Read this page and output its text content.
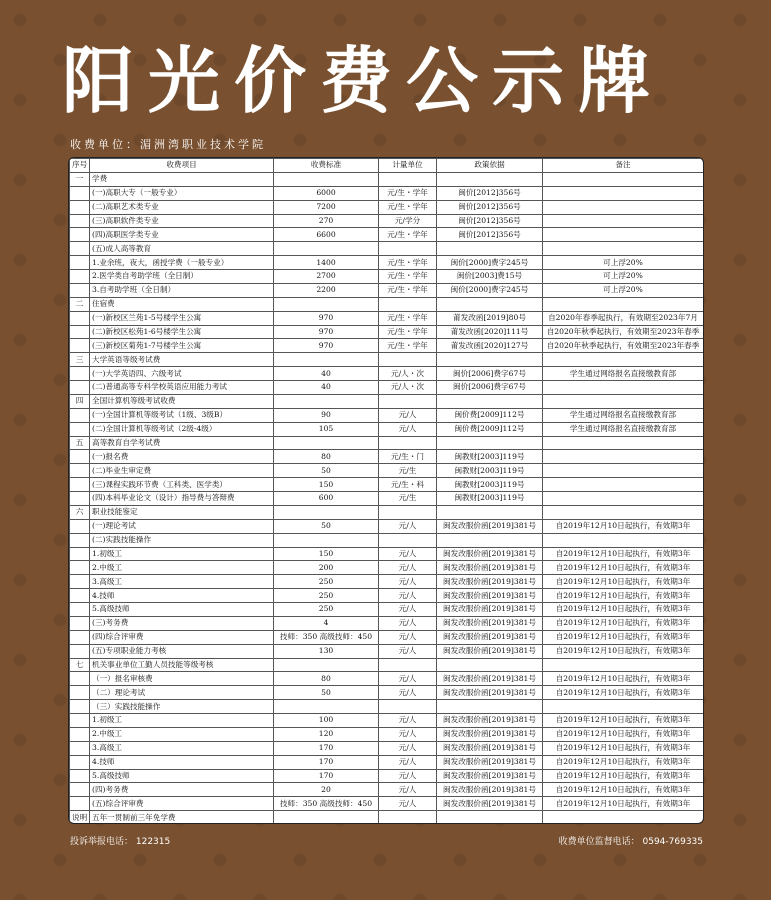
阳光价费公示牌
收费单位：湄洲湾职业技术学院
序号	收费项目	收费标准	计量单位	政策依据	备注
一	学费				
	(一)高职大专（一般专业）	6000	元/生・学年	闽价[2012]356号	
	(二)高职艺术类专业	7200	元/生・学年	闽价[2012]356号	
	(三)高职软件类专业	270	元/学分	闽价[2012]356号	
	(四)高职医学类专业	6600	元/生・学年	闽价[2012]356号	
	(五)成人高等教育				
	1.业余班，夜大，函授学费（一般专业）	1400	元/生・学年	闽价[2000]费字245号	可上浮20%
	2.医学类自考助学班（全日制）	2700	元/生・学年	闽价[2003]费15号	可上浮20%
	3.自考助学班（全日制）	2200	元/生・学年	闽价[2000]费字245号	可上浮20%
二	住宿费				
	(一)新校区兰苑1-5号楼学生公寓	970	元/生・学年	莆发改函[2019]80号	自2020年春季起执行，有效期至2023年7月
	(二)新校区松苑1-6号楼学生公寓	970	元/生・学年	莆发改函[2020]111号	自2020年秋季起执行，有效期至2023年春季
	(三)新校区菊苑1-7号楼学生公寓	970	元/生・学年	莆发改函[2020]127号	自2020年秋季起执行，有效期至2023年春季
三	大学英语等级考试费				
	(一)大学英语四、六级考试	40	元/人・次	闽价[2006]费字67号	学生通过网络报名直接缴教育部
	(二)普通高等专科学校英语应用能力考试	40	元/人・次	闽价[2006]费字67号	
四	全国计算机等级考试收费				
	(一)全国计算机等级考试（1级、3级B）	90	元/人	闽价费[2009]112号	学生通过网络报名直接缴教育部
	(二)全国计算机等级考试（2级-4级）	105	元/人	闽价费[2009]112号	学生通过网络报名直接缴教育部
五	高等教育自学考试费				
	(一)报名费	80	元/生・门	闽教财[2003]119号	
	(二)毕业生审定费	50	元/生	闽教财[2003]119号	
	(三)课程实践环节费（工科类、医学类）	150	元/生・科	闽教财[2003]119号	
	(四)本科毕业论文（设计）指导费与答辩费	600	元/生	闽教财[2003]119号	
六	职业技能鉴定				
	(一)理论考试	50	元/人	闽发改服价函[2019]381号	自2019年12月10日起执行，有效期3年
	(二)实践技能操作				
	1.初级工	150	元/人	闽发改服价函[2019]381号	自2019年12月10日起执行，有效期3年
	2.中级工	200	元/人	闽发改服价函[2019]381号	自2019年12月10日起执行，有效期3年
	3.高级工	250	元/人	闽发改服价函[2019]381号	自2019年12月10日起执行，有效期3年
	4.技师	250	元/人	闽发改服价函[2019]381号	自2019年12月10日起执行，有效期3年
	5.高级技师	250	元/人	闽发改服价函[2019]381号	自2019年12月10日起执行，有效期3年
	(三)考务费	4	元/人	闽发改服价函[2019]381号	自2019年12月10日起执行，有效期3年
	(四)综合评审费	技师：350 高级技师：450	元/人	闽发改服价函[2019]381号	自2019年12月10日起执行，有效期3年
	(五)专项职业能力考核	130	元/人	闽发改服价函[2019]381号	自2019年12月10日起执行，有效期3年
七	机关事业单位工勤人员技能等级考核				
	（一）报名审核费	80	元/人	闽发改服价函[2019]381号	自2019年12月10日起执行，有效期3年
	（二）理论考试	50	元/人	闽发改服价函[2019]381号	自2019年12月10日起执行，有效期3年
	（三）实践技能操作				
	1.初级工	100	元/人	闽发改服价函[2019]381号	自2019年12月10日起执行，有效期3年
	2.中级工	120	元/人	闽发改服价函[2019]381号	自2019年12月10日起执行，有效期3年
	3.高级工	170	元/人	闽发改服价函[2019]381号	自2019年12月10日起执行，有效期3年
	4.技师	170	元/人	闽发改服价函[2019]381号	自2019年12月10日起执行，有效期3年
	5.高级技师	170	元/人	闽发改服价函[2019]381号	自2019年12月10日起执行，有效期3年
	(四)考务费	20	元/人	闽发改服价函[2019]381号	自2019年12月10日起执行，有效期3年
	(五)综合评审费	技师：350 高级技师：450	元/人	闽发改服价函[2019]381号	自2019年12月10日起执行，有效期3年
说明	五年一贯制前三年免学费				
投诉举报电话： 122315	收费单位监督电话： 0594-769335
